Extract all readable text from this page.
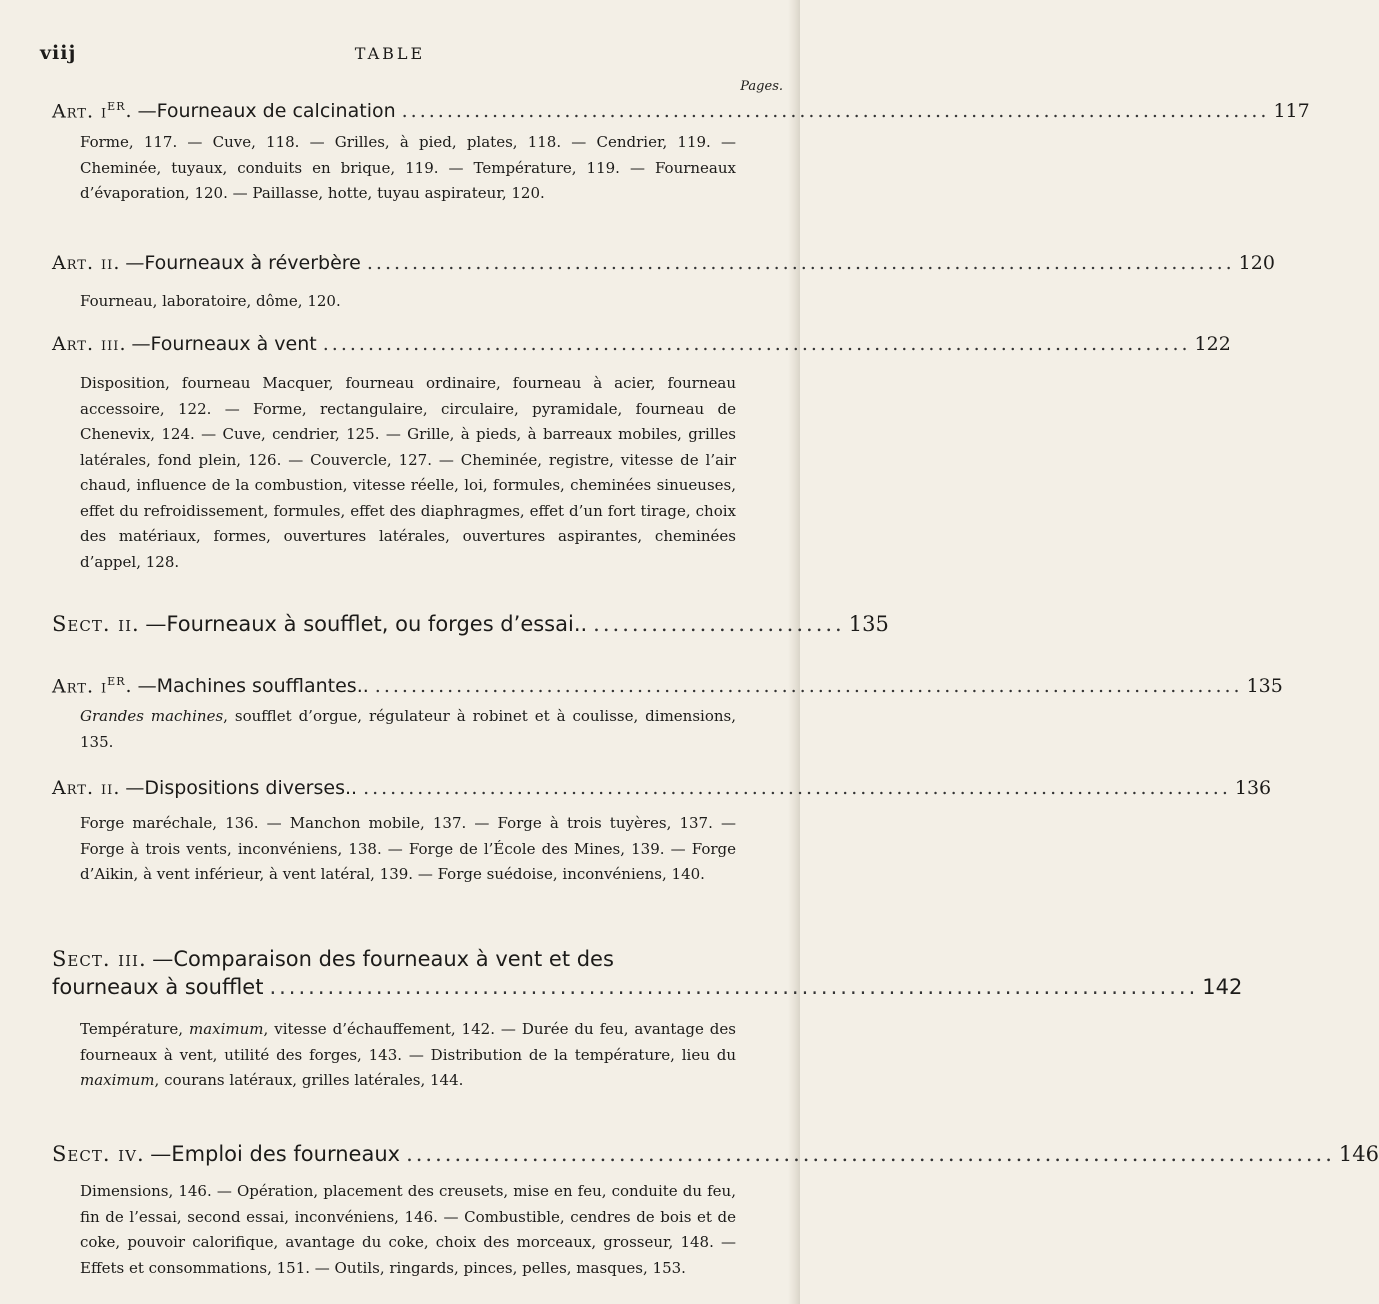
viij	TABLE
Pages.
Art. $i^{er}$ . — Fourneaux de calcination ................................................................................................ 117
Forme, 117. — Cuve, 118. — Grilles, à pied, plates, 118. — Cendrier, 119. — Cheminée, tuyaux, conduits en brique, 119. — Température, 119. — Fourneaux d’évaporation, 120. — Paillasse, hotte, tuyau aspirateur, 120.
Art. ii . — Fourneaux à réverbère ................................................................................................ 120
Fourneau, laboratoire, dôme, 120.
Art. iii . — Fourneaux à vent ................................................................................................ 122
Disposition, fourneau Macquer, fourneau ordinaire, fourneau à acier, fourneau accessoire, 122. — Forme, rectangulaire, circulaire, pyramidale, fourneau de Chenevix, 124. — Cuve, cendrier, 125. — Grille, à pieds, à barreaux mobiles, grilles latérales, fond plein, 126. — Couvercle, 127. — Cheminée, registre, vitesse de l’air chaud, influence de la combustion, vitesse réelle, loi, formules, cheminées sinueuses, effet du refroidissement, formules, effet des diaphragmes, effet d’un fort tirage, choix des matériaux, formes, ouvertures latérales, ouvertures aspirantes, cheminées d’appel, 128.
Sect. ii . — Fourneaux à soufflet, ou forges d’essai.. .......................... 135
Art. $i^{er}$ . — Machines soufflantes.. ................................................................................................ 135
Grandes machines, soufflet d’orgue, régulateur à robinet et à coulisse, dimensions, 135.
Art. ii . — Dispositions diverses.. ................................................................................................ 136
Forge maréchale, 136. — Manchon mobile, 137. — Forge à trois tuyères, 137. — Forge à trois vents, inconvéniens, 138. — Forge de l’École des Mines, 139. — Forge d’Aikin, à vent inférieur, à vent latéral, 139. — Forge suédoise, inconvéniens, 140.
Sect. iii . — Comparaison des fourneaux à vent et des
fourneaux à soufflet ................................................................................................ 142
Température, maximum, vitesse d’échauffement, 142. — Durée du feu, avantage des fourneaux à vent, utilité des forges, 143. — Distribution de la température, lieu du maximum, courans latéraux, grilles latérales, 144.
Sect. iv . — Emploi des fourneaux ................................................................................................ 146
Dimensions, 146. — Opération, placement des creusets, mise en feu, conduite du feu, fin de l’essai, second essai, inconvéniens, 146. — Combustible, cendres de bois et de coke, pouvoir calorifique, avantage du coke, choix des morceaux, grosseur, 148. — Effets et consommations, 151. — Outils, ringards, pinces, pelles, masques, 153.
